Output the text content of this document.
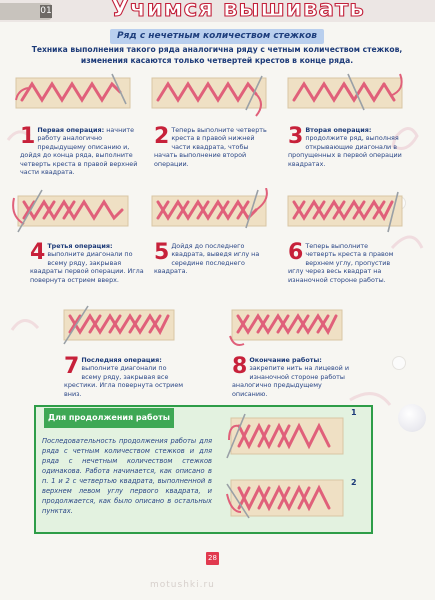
01	Учимся вышивать
Ряд с нечетным количеством стежков
Техника выполнения такого ряда аналогична ряду с четным количеством стежков, изменения касаются только четвертей крестов в конце ряда.
1 Первая операция: начните работу аналогично предыдущему описанию и, дойдя до конца ряда, выполните четверть креста в правой верхней части квадрата.
2 Теперь выполните четверть креста в правой нижней части квадрата, чтобы начать выполнение второй операции.
3 Вторая операция: продолжите ряд, выполняя открывающие диагонали в пропущенных в первой операции квадратах.
4 Третья операция: выполните диагонали по всему ряду, закрывая квадраты первой операции. Игла повернута острием вверх.
5 Дойдя до последнего квадрата, выведя иглу на середине последнего квадрата.
6 Теперь выполните четверть креста в правом верхнем углу, пропустив иглу через весь квадрат на изнаночной стороне работы.
7 Последняя операция: выполните диагонали по всему ряду, закрывая все крестики. Игла повернута острием вниз.
8 Окончание работы: закрепите нить на лицевой и изнаночной стороне работы аналогично предыдущему описанию.
Для продолжения работы
Последовательность продолжения работы для ряда с четным количеством стежков и для ряда с нечетным количеством стежков одинакова. Работа начинается, как описано в п. 1 и 2 с четвертью квадрата, выполненной в верхнем левом углу первого квадрата, и продолжается, как было описано в остальных пунктах.
1
2
28
motushki.ru
